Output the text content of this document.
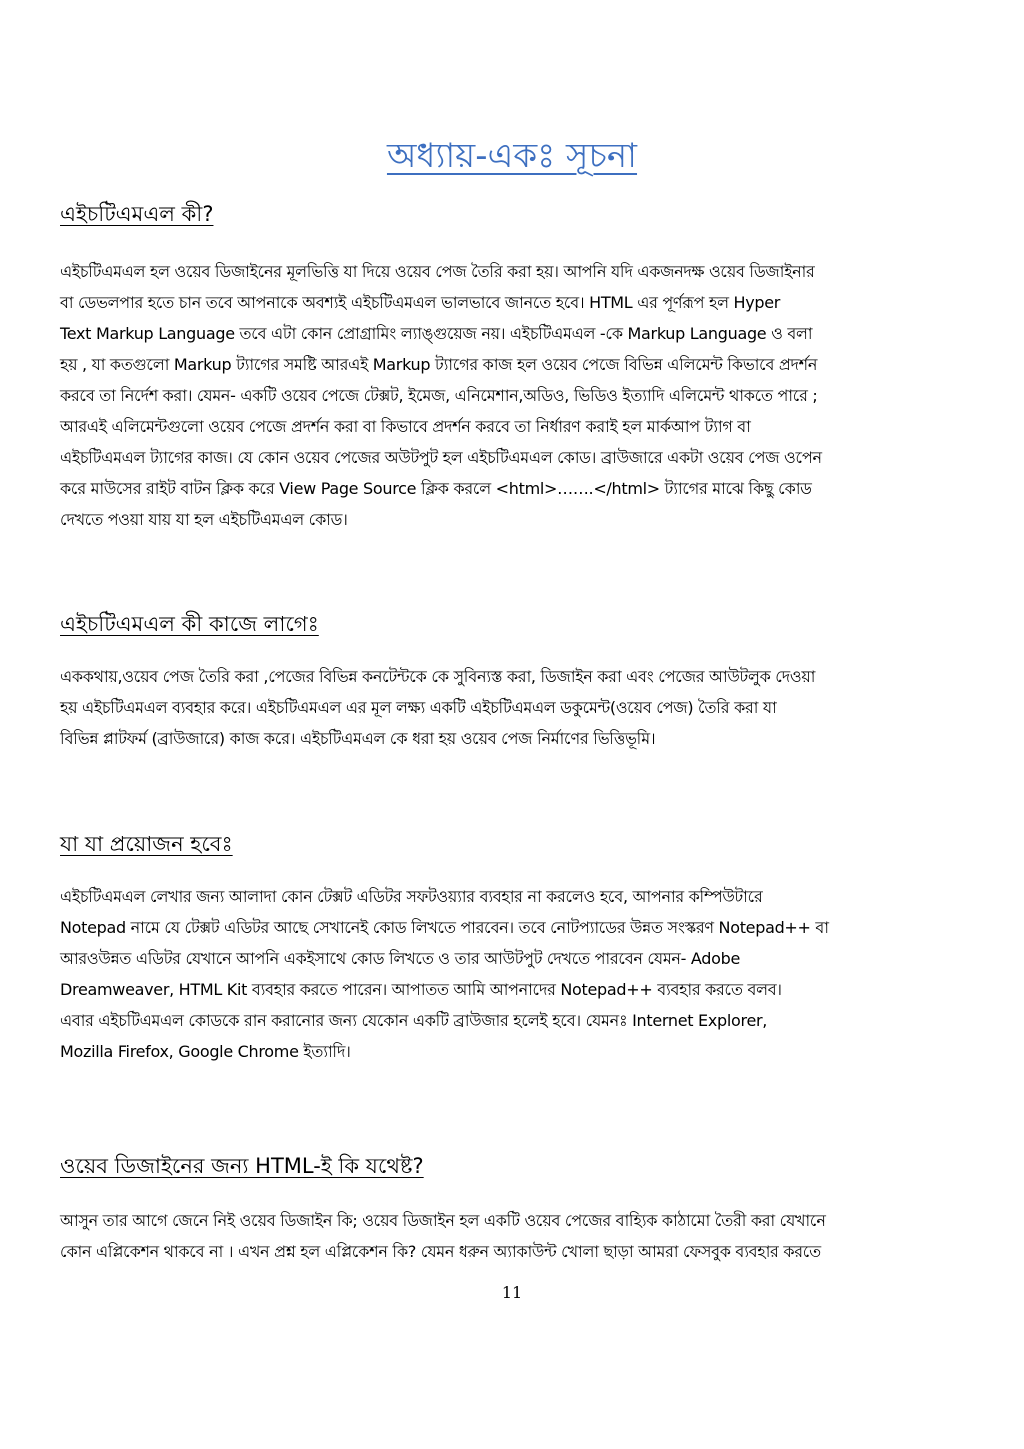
অধ্যায়-একঃ সূচনা
এইচটিএমএল কী?
এইচটিএমএল হল ওয়েব ডিজাইনের মূলভিত্তি যা দিয়ে ওয়েব পেজ তৈরি করা হয়। আপনি যদি একজনদক্ষ ওয়েব ডিজাইনার
বা ডেভলপার হতে চান তবে আপনাকে অবশ্যই এইচটিএমএল ভালভাবে জানতে হবে। HTML এর পূর্ণরূপ হল Hyper
Text Markup Language তবে এটা কোন প্রোগ্রামিং ল্যাঙ্গুয়েজ নয়। এইচটিএমএল -কে Markup Language ও বলা
হয় , যা কতগুলো Markup ট্যাগের সমষ্টি আরএই Markup ট্যাগের কাজ হল ওয়েব পেজে বিভিন্ন এলিমেন্ট কিভাবে প্রদর্শন
করবে তা নির্দেশ করা। যেমন- একটি ওয়েব পেজে টেক্সট, ইমেজ, এনিমেশান,অডিও, ভিডিও ইত্যাদি এলিমেন্ট থাকতে পারে ;
আরএই এলিমেন্টগুলো ওয়েব পেজে প্রদর্শন করা বা কিভাবে প্রদর্শন করবে তা নির্ধারণ করাই হল মার্কআপ ট্যাগ বা
এইচটিএমএল ট্যাগের কাজ। যে কোন ওয়েব পেজের অউটপুট হল এইচটিএমএল কোড। ব্রাউজারে একটা ওয়েব পেজ ওপেন
করে মাউসের রাইট বাটন ক্লিক করে View Page Source ক্লিক করলে <html>…….</html> ট্যাগের মাঝে কিছু কোড
দেখতে পওয়া যায় যা হল এইচটিএমএল কোড।
এইচটিএমএল কী কাজে লাগেঃ
এককথায়,ওয়েব পেজ তৈরি করা ,পেজের বিভিন্ন কনটেন্টকে কে সুবিন্যস্ত করা, ডিজাইন করা এবং পেজের আউটলুক দেওয়া
হয় এইচটিএমএল ব্যবহার করে। এইচটিএমএল এর মূল লক্ষ্য একটি এইচটিএমএল ডকুমেন্ট(ওয়েব পেজ) তৈরি করা যা
বিভিন্ন প্লাটফর্ম (ব্রাউজারে) কাজ করে। এইচটিএমএল কে ধরা হয় ওয়েব পেজ নির্মাণের ভিত্তিভূমি।
যা যা প্রয়োজন হবেঃ
এইচটিএমএল লেখার জন্য আলাদা কোন টেক্সট এডিটর সফটওয়্যার ব্যবহার না করলেও হবে, আপনার কম্পিউটারে
Notepad নামে যে টেক্সট এডিটর আছে সেখানেই কোড লিখতে পারবেন। তবে নোটপ্যাডের উন্নত সংস্করণ Notepad++ বা
আরওউন্নত এডিটর যেখানে আপনি একইসাথে কোড লিখতে ও তার আউটপুট দেখতে পারবেন যেমন- Adobe
Dreamweaver, HTML Kit ব্যবহার করতে পারেন। আপাতত আমি আপনাদের Notepad++ ব্যবহার করতে বলব।
এবার এইচটিএমএল কোডকে রান করানোর জন্য যেকোন একটি ব্রাউজার হলেই হবে। যেমনঃ Internet Explorer,
Mozilla Firefox, Google Chrome ইত্যাদি।
ওয়েব ডিজাইনের জন্য HTML-ই কি যথেষ্ট?
আসুন তার আগে জেনে নিই ওয়েব ডিজাইন কি; ওয়েব ডিজাইন হল একটি ওয়েব পেজের বাহ্যিক কাঠামো তৈরী করা যেখানে
কোন এপ্লিকেশন থাকবে না । এখন প্রশ্ন হল এপ্লিকেশন কি? যেমন ধরুন অ্যাকাউন্ট খোলা ছাড়া আমরা ফেসবুক ব্যবহার করতে
11
